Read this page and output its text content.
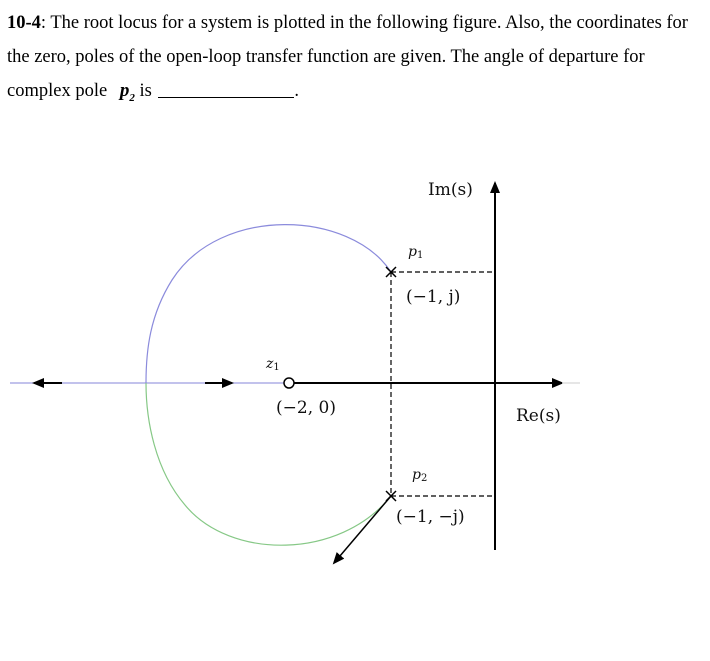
10-4: The root locus for a system is plotted in the following figure. Also, the coordinates for the zero, poles of the open-loop transfer function are given. The angle of departure for complex pole $p_2$ is	.
Im(s)
Re(s)
p1
(−1, j)
p2
(−1, −j)
z1
(−2, 0)
